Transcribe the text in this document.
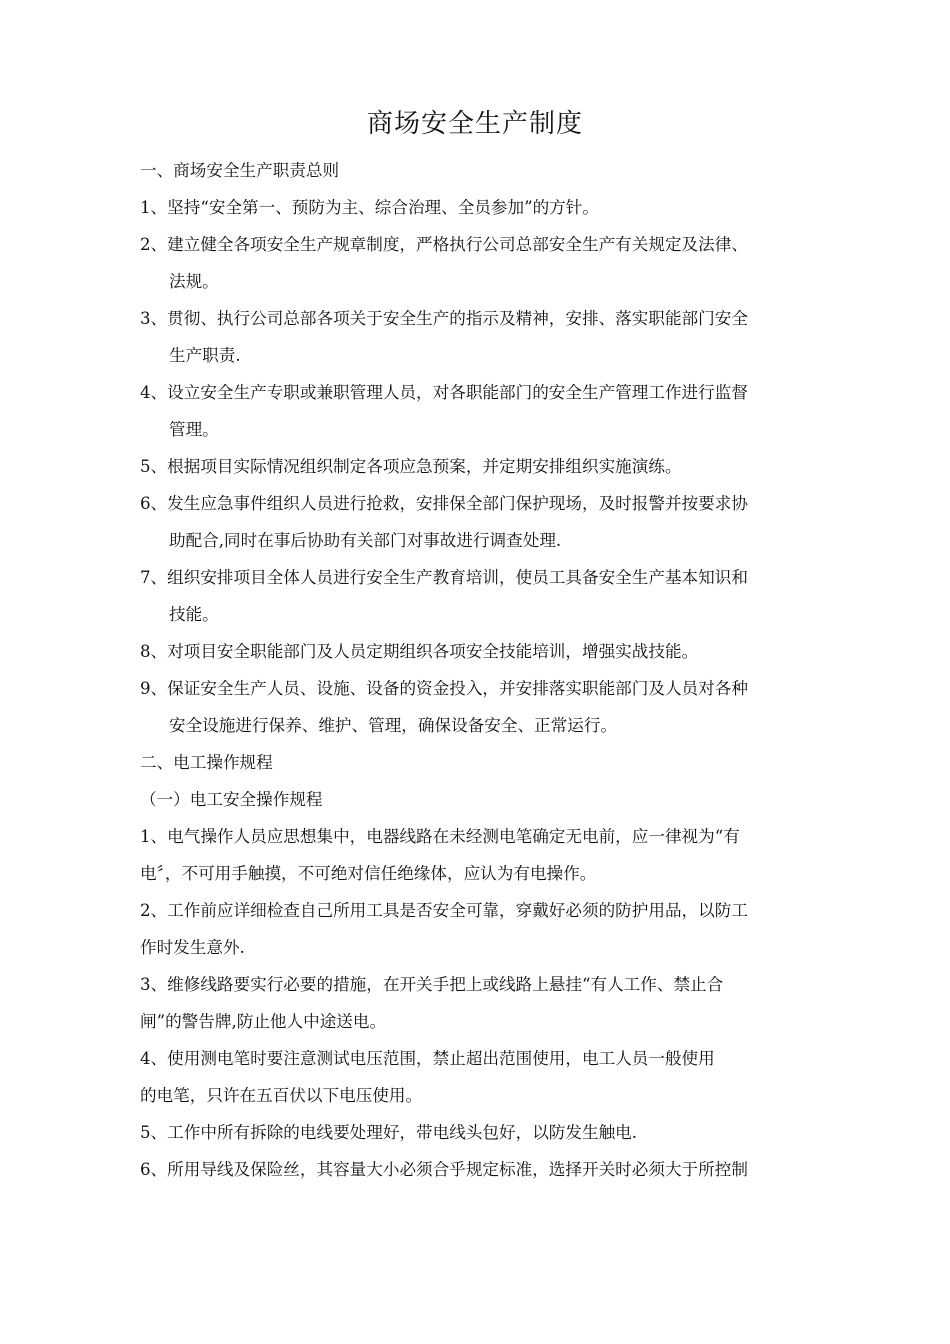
商场安全生产制度
一、商场安全生产职责总则
1、坚持“安全第一、预防为主、综合治理、全员参加”的方针。
2、建立健全各项安全生产规章制度，严格执行公司总部安全生产有关规定及法律、
法规。
3、贯彻、执行公司总部各项关于安全生产的指示及精神，安排、落实职能部门安全
生产职责.
4、设立安全生产专职或兼职管理人员，对各职能部门的安全生产管理工作进行监督
管理。
5、根据项目实际情况组织制定各项应急预案，并定期安排组织实施演练。
6、发生应急事件组织人员进行抢救，安排保全部门保护现场，及时报警并按要求协
助配合,同时在事后协助有关部门对事故进行调查处理.
7、组织安排项目全体人员进行安全生产教育培训，使员工具备安全生产基本知识和
技能。
8、对项目安全职能部门及人员定期组织各项安全技能培训，增强实战技能。
9、保证安全生产人员、设施、设备的资金投入，并安排落实职能部门及人员对各种
安全设施进行保养、维护、管理，确保设备安全、正常运行。
二、电工操作规程
（一）电工安全操作规程
1、电气操作人员应思想集中，电器线路在未经测电笔确定无电前，应一律视为“有
电〞，不可用手触摸，不可绝对信任绝缘体，应认为有电操作。
2、工作前应详细检查自己所用工具是否安全可靠，穿戴好必须的防护用品，以防工
作时发生意外.
3、维修线路要实行必要的措施，在开关手把上或线路上悬挂“有人工作、禁止合
闸”的警告牌,防止他人中途送电。
4、使用测电笔时要注意测试电压范围，禁止超出范围使用，电工人员一般使用
的电笔，只许在五百伏以下电压使用。
5、工作中所有拆除的电线要处理好，带电线头包好，以防发生触电.
6、所用导线及保险丝，其容量大小必须合乎规定标准，选择开关时必须大于所控制
